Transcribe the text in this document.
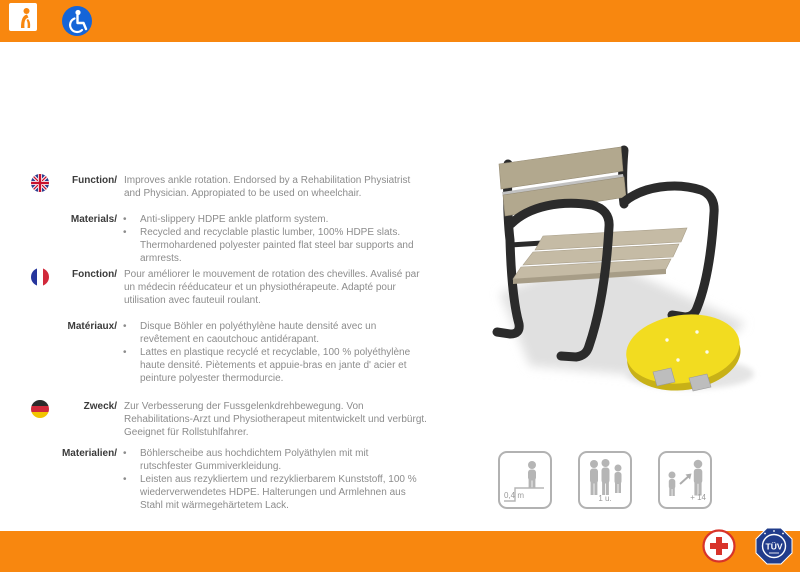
Function/ Improves ankle rotation. Endorsed by a Rehabilitation Physiatrist and Physician. Appropiated to be used on wheelchair.
Materials/	• Anti-slippery HDPE ankle platform system.
• Recycled and recyclable plastic lumber, 100% HDPE slats. Thermohardened polyester painted flat steel bar supports and armrests.
Fonction/ Pour améliorer le mouvement de rotation des chevilles. Avalisé par un médecin rééducateur et un physiothérapeute. Adapté pour utilisation avec fauteuil roulant.
Matériaux/	• Disque Böhler en polyéthylène haute densité avec un revêtement en caoutchouc antidérapant.
• Lattes en plastique recyclé et recyclable, 100 % polyéthylène haute densité. Piètements et appuie-bras en jante d' acier et peinture polyester thermodurcie.
Zweck/ Zur Verbesserung der Fussgelenkdrehbewegung. Von Rehabilitations-Arzt und Physiotherapeut mitentwickelt und verbürgt. Geeignet für Rollstuhlfahrer.
Materialien/	• Böhlerscheibe aus hochdichtem Polyäthylen mit mit rutschfester Gummiverkleidung.
• Leisten aus rezykliertem und rezyklierbarem Kunststoff, 100 % wiederverwendetes HDPE. Halterungen und Armlehnen aus Stahl mit wärmegehärtetem Lack.
0,4 m	1 u.	+ 14
TÜV
